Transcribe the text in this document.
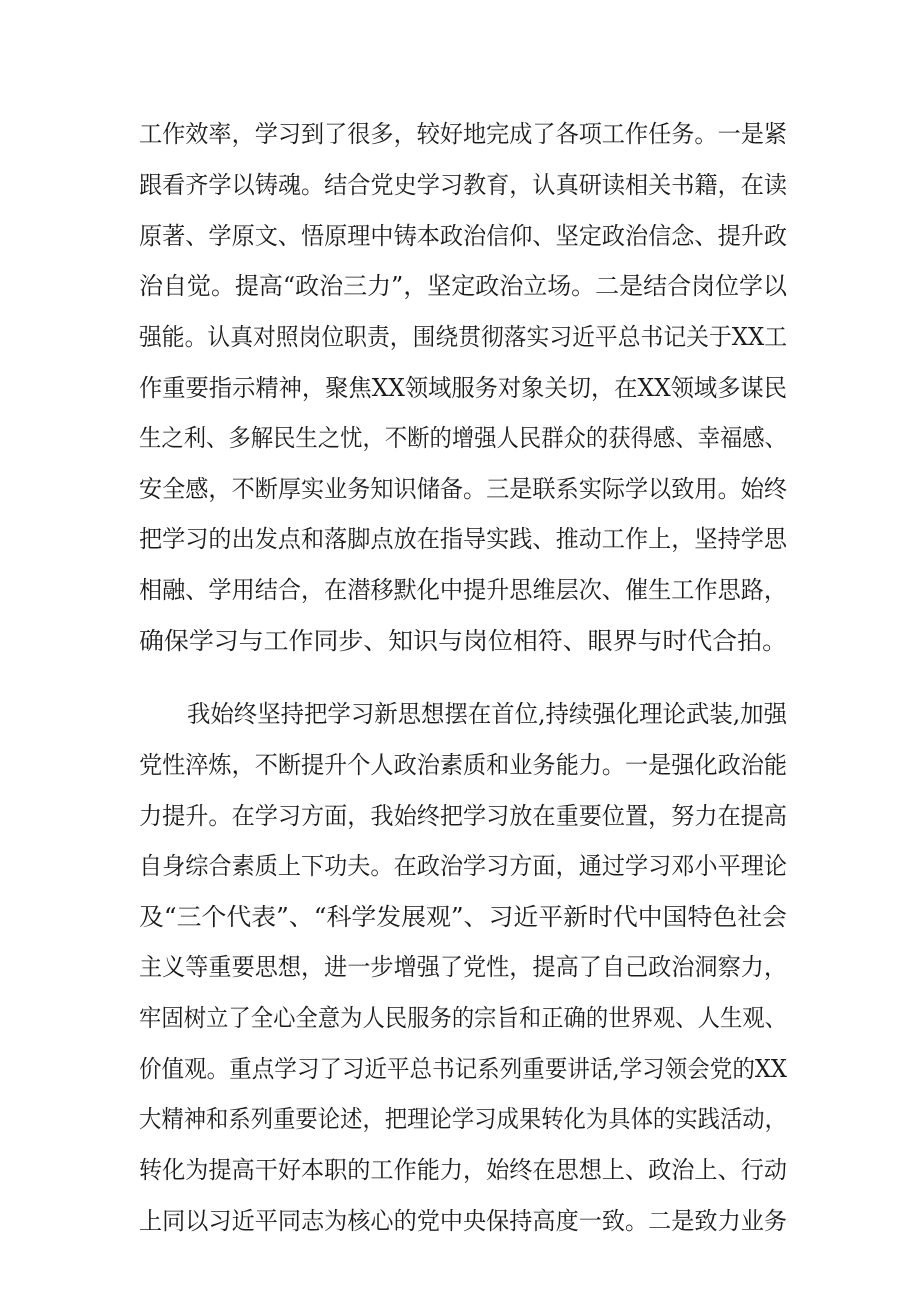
工作效率，学习到了很多，较好地完成了各项工作任务。一是紧
跟看齐学以铸魂。结合党史学习教育，认真研读相关书籍，在读
原著、学原文、悟原理中铸本政治信仰、坚定政治信念、提升政
治自觉。提高“政治三力”，坚定政治立场。二是结合岗位学以
强能。认真对照岗位职责，围绕贯彻落实习近平总书记关于XX工
作重要指示精神，聚焦XX领域服务对象关切，在XX领域多谋民
生之利、多解民生之忧，不断的增强人民群众的获得感、幸福感、
安全感，不断厚实业务知识储备。三是联系实际学以致用。始终
把学习的出发点和落脚点放在指导实践、推动工作上，坚持学思
相融、学用结合，在潜移默化中提升思维层次、催生工作思路，
确保学习与工作同步、知识与岗位相符、眼界与时代合拍。
我始终坚持把学习新思想摆在首位,持续强化理论武装,加强
党性淬炼，不断提升个人政治素质和业务能力。一是强化政治能
力提升。在学习方面，我始终把学习放在重要位置，努力在提高
自身综合素质上下功夫。在政治学习方面，通过学习邓小平理论
及“三个代表”、“科学发展观”、习近平新时代中国特色社会
主义等重要思想，进一步增强了党性，提高了自己政治洞察力，
牢固树立了全心全意为人民服务的宗旨和正确的世界观、人生观、
价值观。重点学习了习近平总书记系列重要讲话,学习领会党的XX
大精神和系列重要论述，把理论学习成果转化为具体的实践活动，
转化为提高干好本职的工作能力，始终在思想上、政治上、行动
上同以习近平同志为核心的党中央保持高度一致。二是致力业务
